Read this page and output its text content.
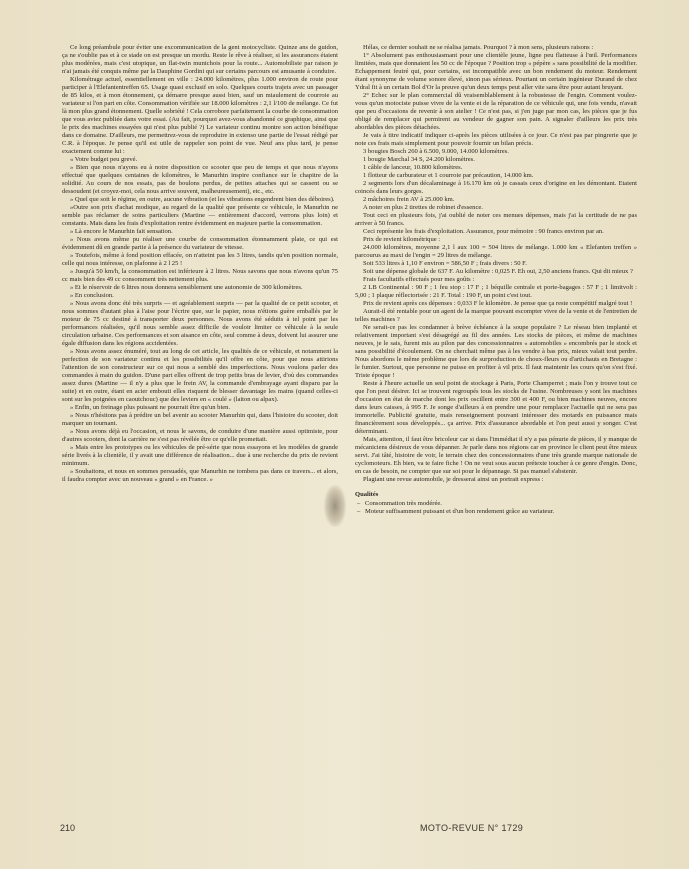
Ce long préambule pour éviter une excommunication de la gent motocycliste. Quinze ans de guidon, ça ne s'oublie pas et à ce stade on est presque un mordu. Reste le rêve à réaliser, si les assurances étaient plus modérées, mais c'est utopique, un flat-twin munichois pour la route... Automobiliste par raison je n'ai jamais été conquis même par la Dauphine Gordini qui sur certains parcours est amusante à conduire.

Kilométrage actuel, essentiellement en ville : 24.000 kilomètres, plus 1.000 environ de route pour participer à l'Elefantentreffen 65. Usage quasi exclusif en solo. Quelques courts trajets avec un passager de 85 kilos, et à mon étonnement, ça démarre presque aussi bien, sauf un miaulement de courroie au variateur si l'on part en côte. Consommation vérifiée sur 18.000 kilomètres : 2,1 l/100 de mélange. Ce fut là mon plus grand étonnement. Quelle sobriété ! Cela corrobore parfaitement la courbe de consommation que vous aviez publiée dans votre essai. (Au fait, pourquoi avez-vous abandonné ce graphique, ainsi que le prix des machines essayées qui n'est plus publié ?) Le variateur continu montre son action bénéfique dans ce domaine. D'ailleurs, me permettrez-vous de reproduire in extenso une partie de l'essai rédigé par C.R. à l'époque. Je pense qu'il est utile de rappeler son point de vue. Neuf ans plus tard, je pense exactement comme lui :

« Votre budget peu grevé.

» Bien que nous n'ayons eu à notre disposition ce scooter que peu de temps et que nous n'ayons effectué que quelques centaines de kilomètres, le Manurhin inspire confiance sur le chapitre de la solidité. Au cours de nos essais, pas de boulons perdus, de petites attaches qui se cassent ou se dessoudent (et croyez-moi, cela nous arrive souvent, malheureusement), etc., etc.

» Quel que soit le régime, en outre, aucune vibration (et les vibrations engendrent bien des déboires).

»Outre son prix d'achat modique, au regard de la qualité que présente ce véhicule, le Manurhin ne semble pas réclamer de soins particuliers (Martine — entièrement d'accord, verrons plus loin) et constants. Mais dans les frais d'exploitation rentre évidemment en majeure partie la consommation.

» Là encore le Manurhin fait sensation.

» Nous avons même pu réaliser une courbe de consommation étonnamment plate, ce qui est évidemment dû en grande partie à la présence du variateur de vitesse.

» Toutefois, même à fond position effacée, on n'atteint pas les 3 litres, tandis qu'en position normale, celle qui nous intéresse, on plafonne à 2 l 25 !

» Jusqu'à 50 km/h, la consommation est inférieure à 2 litres. Nous savons que nous n'avons qu'un 75 cc mais bien des 49 cc consomment très nettement plus.

» Et le réservoir de 6 litres nous donnera sensiblement une autonomie de 300 kilomètres.

» En conclusion.

» Nous avons donc été très surpris — et agréablement surpris — par la qualité de ce petit scooter, et nous sommes d'autant plus à l'aise pour l'écrire que, sur le papier, nous n'étions guère emballés par le moteur de 75 cc destiné à transporter deux personnes. Nous avons été séduits à tel point par les performances réalisées, qu'il nous semble assez difficile de vouloir limiter ce véhicule à la seule circulation urbaine. Ces performances et son aisance en côte, seul comme à deux, doivent lui assurer une égale diffusion dans les régions accidentées.

» Nous avons assez énuméré, tout au long de cet article, les qualités de ce véhicule, et notamment la perfection de son variateur continu et les possibilités qu'il offre en côte, pour que nous attirions l'attention de son constructeur sur ce qui nous a semblé des imperfections. Nous voulons parler des commandes à main du guidon. D'une part elles offrent de trop petits bras de levier, d'où des commandes assez dures (Martine — il n'y a plus que le frein AV, la commande d'embrayage ayant disparu par la suite) et en outre, étant en acier embouti elles risquent de blesser davantage les mains (quand celles-ci sont sur les poignées en caoutchouc) que des leviers en « coulé » (laiton ou alpax).

» Enfin, un freinage plus puissant ne pourrait être qu'un bien.

» Nous n'hésitons pas à prédire un bel avenir au scooter Manurhin qui, dans l'histoire du scooter, doit marquer un tournant.

» Nous avons déjà eu l'occasion, et nous le savons, de conduire d'une manière aussi optimiste, pour d'autres scooters, dont la carrière ne s'est pas révélée être ce qu'elle promettait.

» Mais entre les prototypes ou les véhicules de pré-série que nous essayons et les modèles de grande série livrés à la clientèle, il y avait une différence de réalisation... due à une recherche du prix de revient minimum.

» Souhaitons, et nous en sommes persuadés, que Manurhin ne tombera pas dans ce travers... et alors, il faudra compter avec un nouveau « grand » en France. »

Hélas, ce dernier souhait ne se réalisa jamais. Pourquoi ? à mon sens, plusieurs raisons :

1° Absolument pas enthousiasmant pour une clientèle jeune, ligne peu flatteuse à l'œil. Performances limitées, mais que donnaient les 50 cc de l'époque ? Position trop « pépère » sans possibilité de la modifier. Echappement feutré qui, pour certains, est incompatible avec un bon rendement du moteur. Rendement étant synonyme de volume sonore élevé, sinon pas sérieux. Pourtant un certain ingénieur Durand de chez Ydral fit à un certain Bol d'Or la preuve qu'un deux temps peut aller vite sans être pour autant bruyant.

2° Echec sur le plan commercial dû vraisemblablement à la robustesse de l'engin. Comment voulez-vous qu'un motociste puisse vivre de la vente et de la réparation de ce véhicule qui, une fois vendu, n'avait que peu d'occasions de revenir à son atelier ! Ce n'est pas, si j'en juge par mon cas, les pièces que je fus obligé de remplacer qui permirent au vendeur de gagner son pain. A signaler d'ailleurs les prix très abordables des pièces détachées.

Je vais à titre indicatif indiquer ci-après les pièces utilisées à ce jour. Ce n'est pas par pingrerie que je note ces frais mais simplement pour pouvoir fournir un bilan précis.

3 bougies Bosch 260 à 6.500, 9.000, 14.000 kilomètres.

1 bougie Marchal 34 S, 24.200 kilomètres.

1 câble de lanceur, 10.800 kilomètres.

1 flotteur de carburateur et 1 courroie par précaution, 14.000 km.

2 segments lors d'un décalaminage à 16.170 km où je cassais ceux d'origine en les démontant. Etaient coincés dans leurs gorges.

2 mâchoires frein AV à 25.000 km.

A noter en plus 2 tirettes de robinet d'essence.

Tout ceci en plusieurs fois, j'ai oublié de noter ces menues dépenses, mais j'ai la certitude de ne pas arriver à 50 francs.

Ceci représente les frais d'exploitation. Assurance, pour mémoire : 90 francs environ par an.

Prix de revient kilométrique :

24.000 kilomètres, moyenne 2,1 l aux 100 = 504 litres de mélange. 1.000 km « Elefanten treffen » parcourus au maxi de l'engin = 29 litres de mélange.

Soit 533 litres à 1,10 F environ = 586,50 F ; frais divers : 50 F.

Soit une dépense globale de 637 F. Au kilomètre : 0,025 F. Eh oui, 2,50 anciens francs. Qui dit mieux ?

Frais facultatifs effectués pour mes goûts :

2 LB Continental : 90 F ; 1 feu stop : 17 F ; 1 béquille centrale et porte-bagages : 57 F ; 1 limitvolt : 5,00 ; 1 plaque réflectorisée : 21 F. Total : 190 F, un point c'est tout.

Prix de revient après ces dépenses : 0,033 F le kilomètre. Je pense que ça reste compétitif malgré tout !

Aurait-il été rentable pour un agent de la marque pouvant escompter vivre de la vente et de l'entretien de telles machines ?

Ne serait-ce pas les condamner à brève échéance à la soupe populaire ? Le réseau bien implanté et relativement important s'est désagrégé au fil des années. Les stocks de pièces, et même de machines neuves, je le sais, furent mis au pilon par des concessionnaires « automobiles » encombrés par le stock et sans possibilité d'écoulement. On ne cherchait même pas à les vendre à bas prix, mieux valait tout perdre. Nous abordons le même problème que lors de surproduction de choux-fleurs ou d'artichauts en Bretagne : le fumier. Surtout, que personne ne puisse en profiter à vil prix. Il faut maintenir les cours qu'on s'est fixé. Triste époque !

Reste à l'heure actuelle un seul point de stockage à Paris, Porte Champerret ; mais l'on y trouve tout ce que l'on peut désirer. Ici se trouvent regroupés tous les stocks de l'usine. Nombreuses y sont les machines d'occasion en état de marche dont les prix oscillent entre 300 et 400 F, ou bien machines neuves, encore dans leurs caisses, à 995 F. Je songe d'ailleurs à en prendre une pour remplacer l'actuelle qui ne sera pas immortelle. Publicité gratuite, mais renseignement pouvant intéresser des motards en puissance mais financièrement sous développés... ça arrive. Prix d'assurance abordable et l'on peut aussi y songer. C'est déterminant.

Mais, attention, il faut être bricoleur car si dans l'immédiat il n'y a pas pénurie de pièces, il y manque de mécaniciens désireux de vous dépanner. Je parle dans nos régions car en province le client peut être mieux servi. J'ai tâté, histoire de voir, le terrain chez des concessionnaires d'une très grande marque nationale de cyclomoteurs. Eh bien, va te faire fiche ! On ne veut sous aucun prétexte toucher à ce genre d'engin. Donc, en cas de besoin, ne compter que sur soi pour le dépannage. Si pas manuel s'abstenir.

Plagiant une revue automobile, je dresserai ainsi un portrait express :

Qualités

– Consommation très modérée.
– Moteur suffisamment puissant et d'un bon rendement grâce au variateur.
210	MOTO-REVUE N° 1729
